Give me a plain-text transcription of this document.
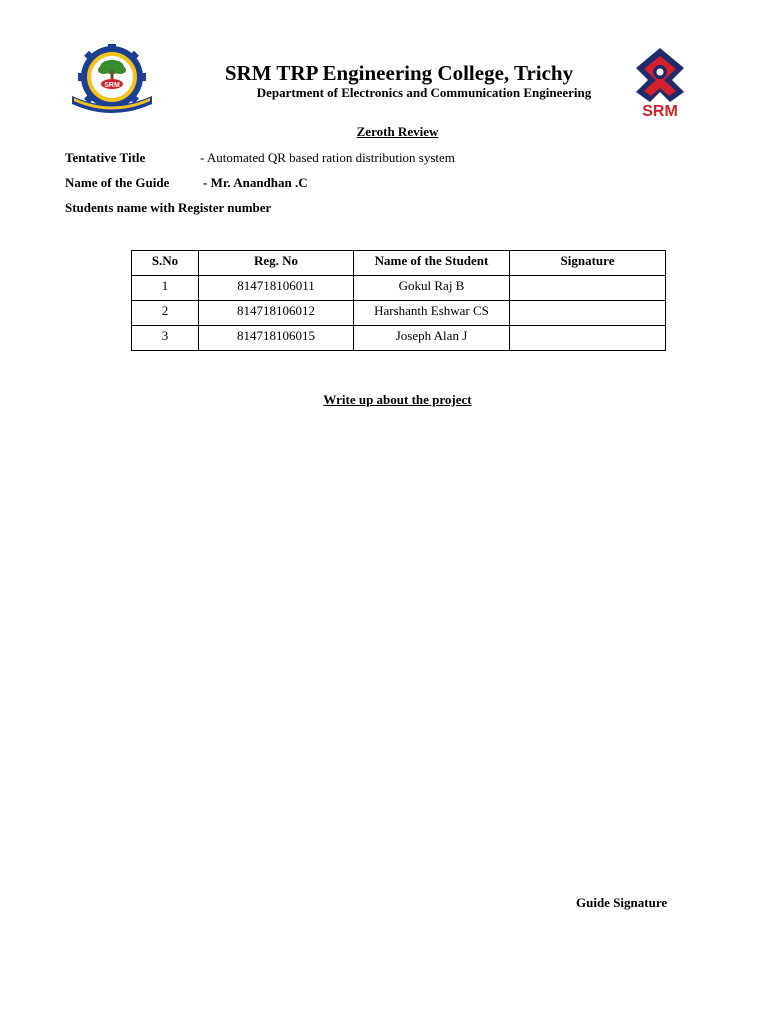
SRM
SRM
SRM TRP Engineering College, Trichy
Department of Electronics and Communication Engineering
Zeroth Review
Tentative Title	- Automated QR based ration distribution system
Name of the Guide	- Mr. Anandhan .C
Students name with Register number
S.No	Reg. No	Name of the Student	Signature
1	814718106011	Gokul Raj B	
2	814718106012	Harshanth Eshwar CS	
3	814718106015	Joseph Alan J	
Write up about the project
Guide Signature
